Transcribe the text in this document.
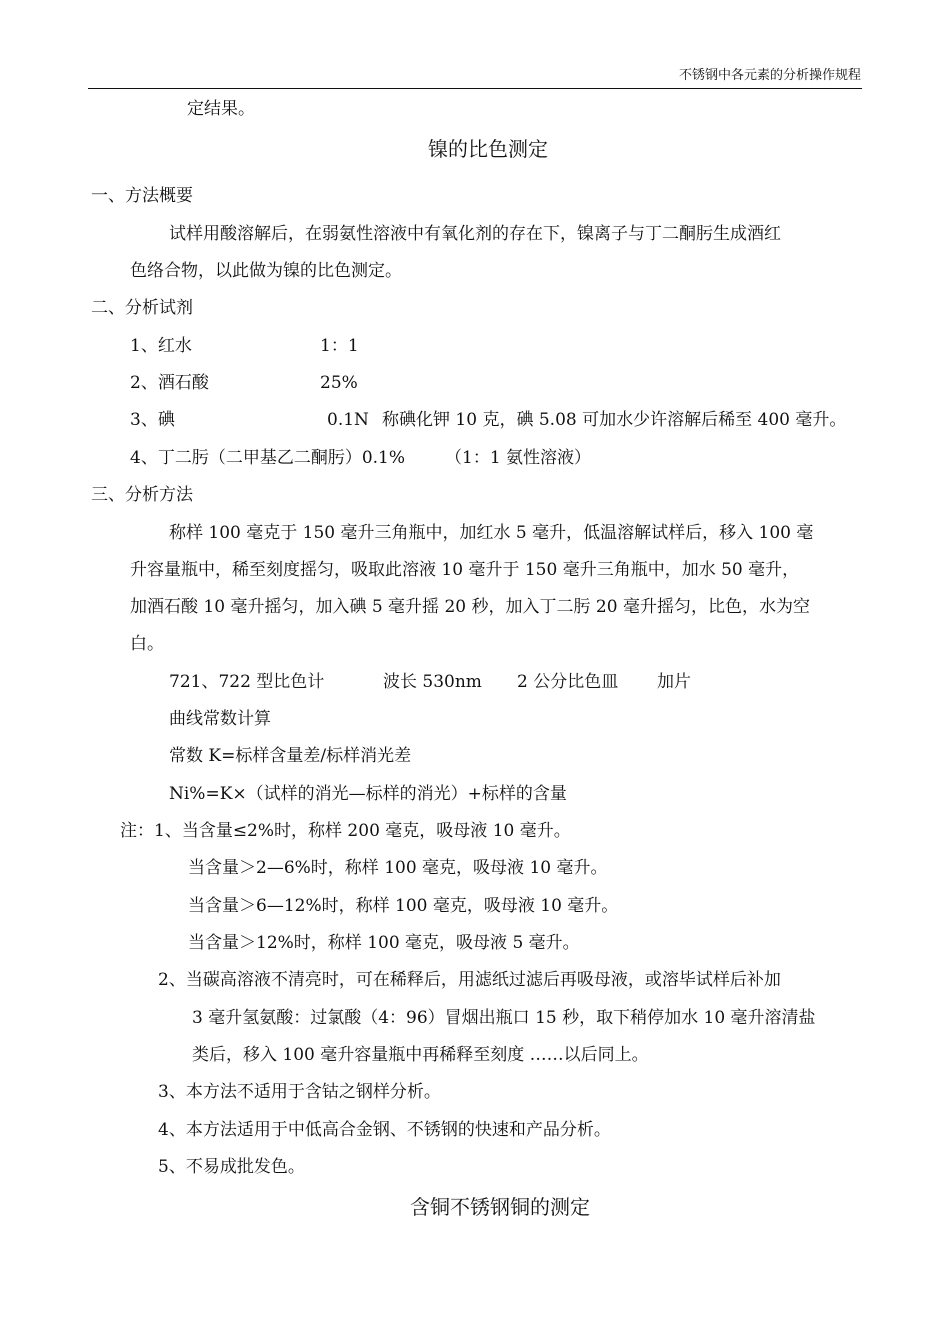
不锈钢中各元素的分析操作规程
定结果。
镍的比色测定
一、方法概要
试样用酸溶解后，在弱氨性溶液中有氧化剂的存在下，镍离子与丁二酮肟生成酒红
色络合物，以此做为镍的比色测定。
二、分析试剂
1、红水	1：1
2、酒石酸	25%
3、碘	0.1N 称碘化钾 10 克，碘 5.08 可加水少许溶解后稀至 400 毫升。
4、丁二肟（二甲基乙二酮肟）0.1% （1：1 氨性溶液）
三、分析方法
称样 100 毫克于 150 毫升三角瓶中，加红水 5 毫升，低温溶解试样后，移入 100 毫
升容量瓶中，稀至刻度摇匀，吸取此溶液 10 毫升于 150 毫升三角瓶中，加水 50 毫升，
加酒石酸 10 毫升摇匀，加入碘 5 毫升摇 20 秒，加入丁二肟 20 毫升摇匀，比色，水为空
白。
721、722 型比色计	波长 530nm 2 公分比色皿 加片
曲线常数计算
常数 K=标样含量差/标样消光差
Ni%=K×（试样的消光—标样的消光）+标样的含量
注：1、当含量≤2%时，称样 200 毫克，吸母液 10 毫升。
当含量＞2—6%时，称样 100 毫克，吸母液 10 毫升。
当含量＞6—12%时，称样 100 毫克，吸母液 10 毫升。
当含量＞12%时，称样 100 毫克，吸母液 5 毫升。
2、当碳高溶液不清亮时，可在稀释后，用滤纸过滤后再吸母液，或溶毕试样后补加
3 毫升氢氨酸：过氯酸（4：96）冒烟出瓶口 15 秒，取下稍停加水 10 毫升溶清盐
类后，移入 100 毫升容量瓶中再稀释至刻度 ……以后同上。
3、本方法不适用于含钴之钢样分析。
4、本方法适用于中低高合金钢、不锈钢的快速和产品分析。
5、不易成批发色。
含铜不锈钢铜的测定
